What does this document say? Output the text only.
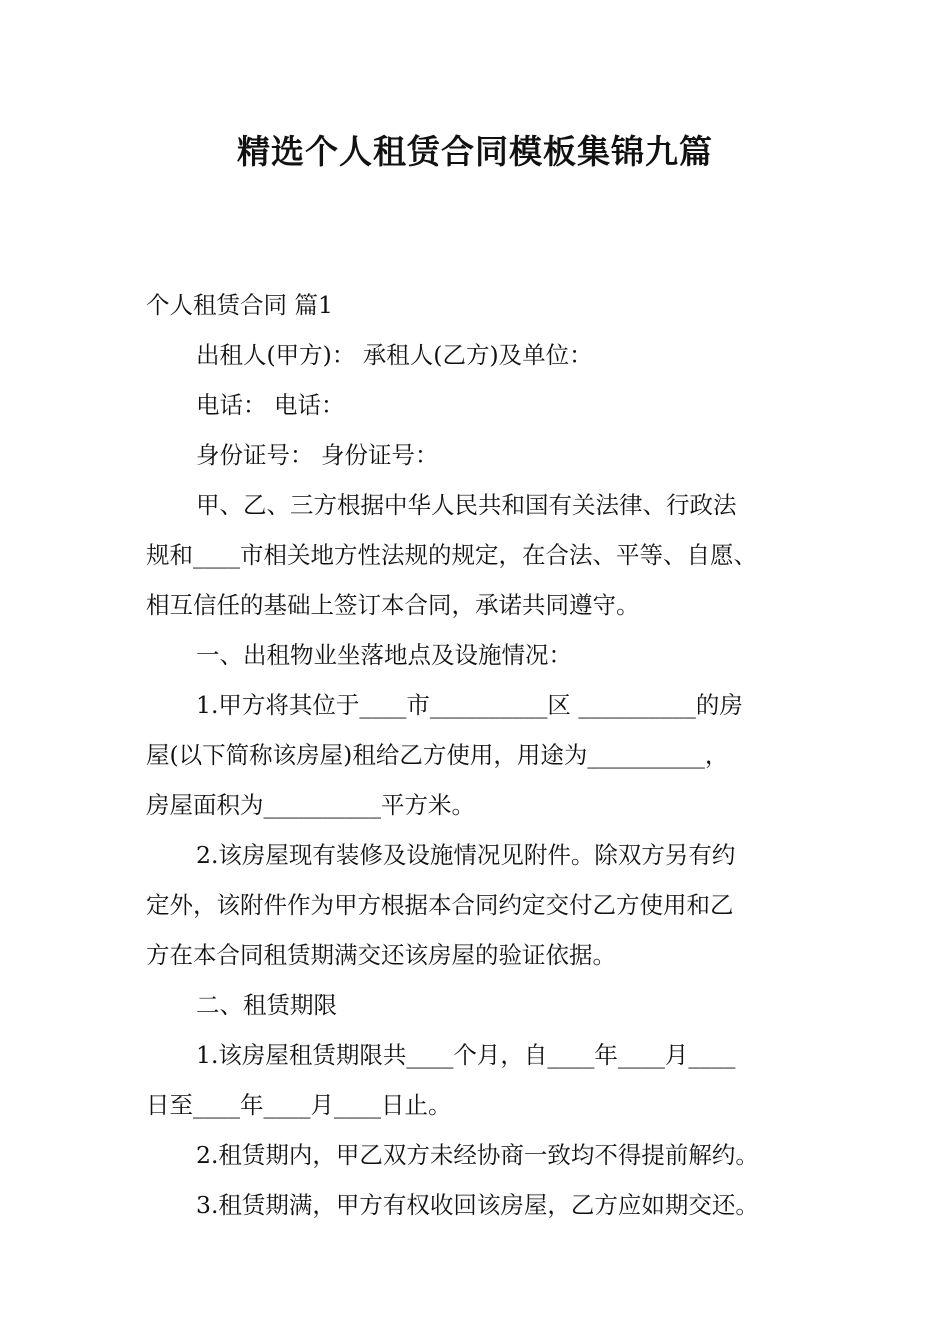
精选个人租赁合同模板集锦九篇

个人租赁合同 篇1

出租人(甲方)： 承租人(乙方)及单位：

电话： 电话：

身份证号： 身份证号：

甲、乙、三方根据中华人民共和国有关法律、行政法
规和____市相关地方性法规的规定，在合法、平等、自愿、
相互信任的基础上签订本合同，承诺共同遵守。

一、出租物业坐落地点及设施情况：

1.甲方将其位于____市__________区 __________的房
屋(以下简称该房屋)租给乙方使用，用途为__________，
房屋面积为__________平方米。

2.该房屋现有装修及设施情况见附件。除双方另有约
定外，该附件作为甲方根据本合同约定交付乙方使用和乙
方在本合同租赁期满交还该房屋的验证依据。

二、租赁期限

1.该房屋租赁期限共____个月，自____年____月____
日至____年____月____日止。

2.租赁期内，甲乙双方未经协商一致均不得提前解约。

3.租赁期满，甲方有权收回该房屋，乙方应如期交还。
